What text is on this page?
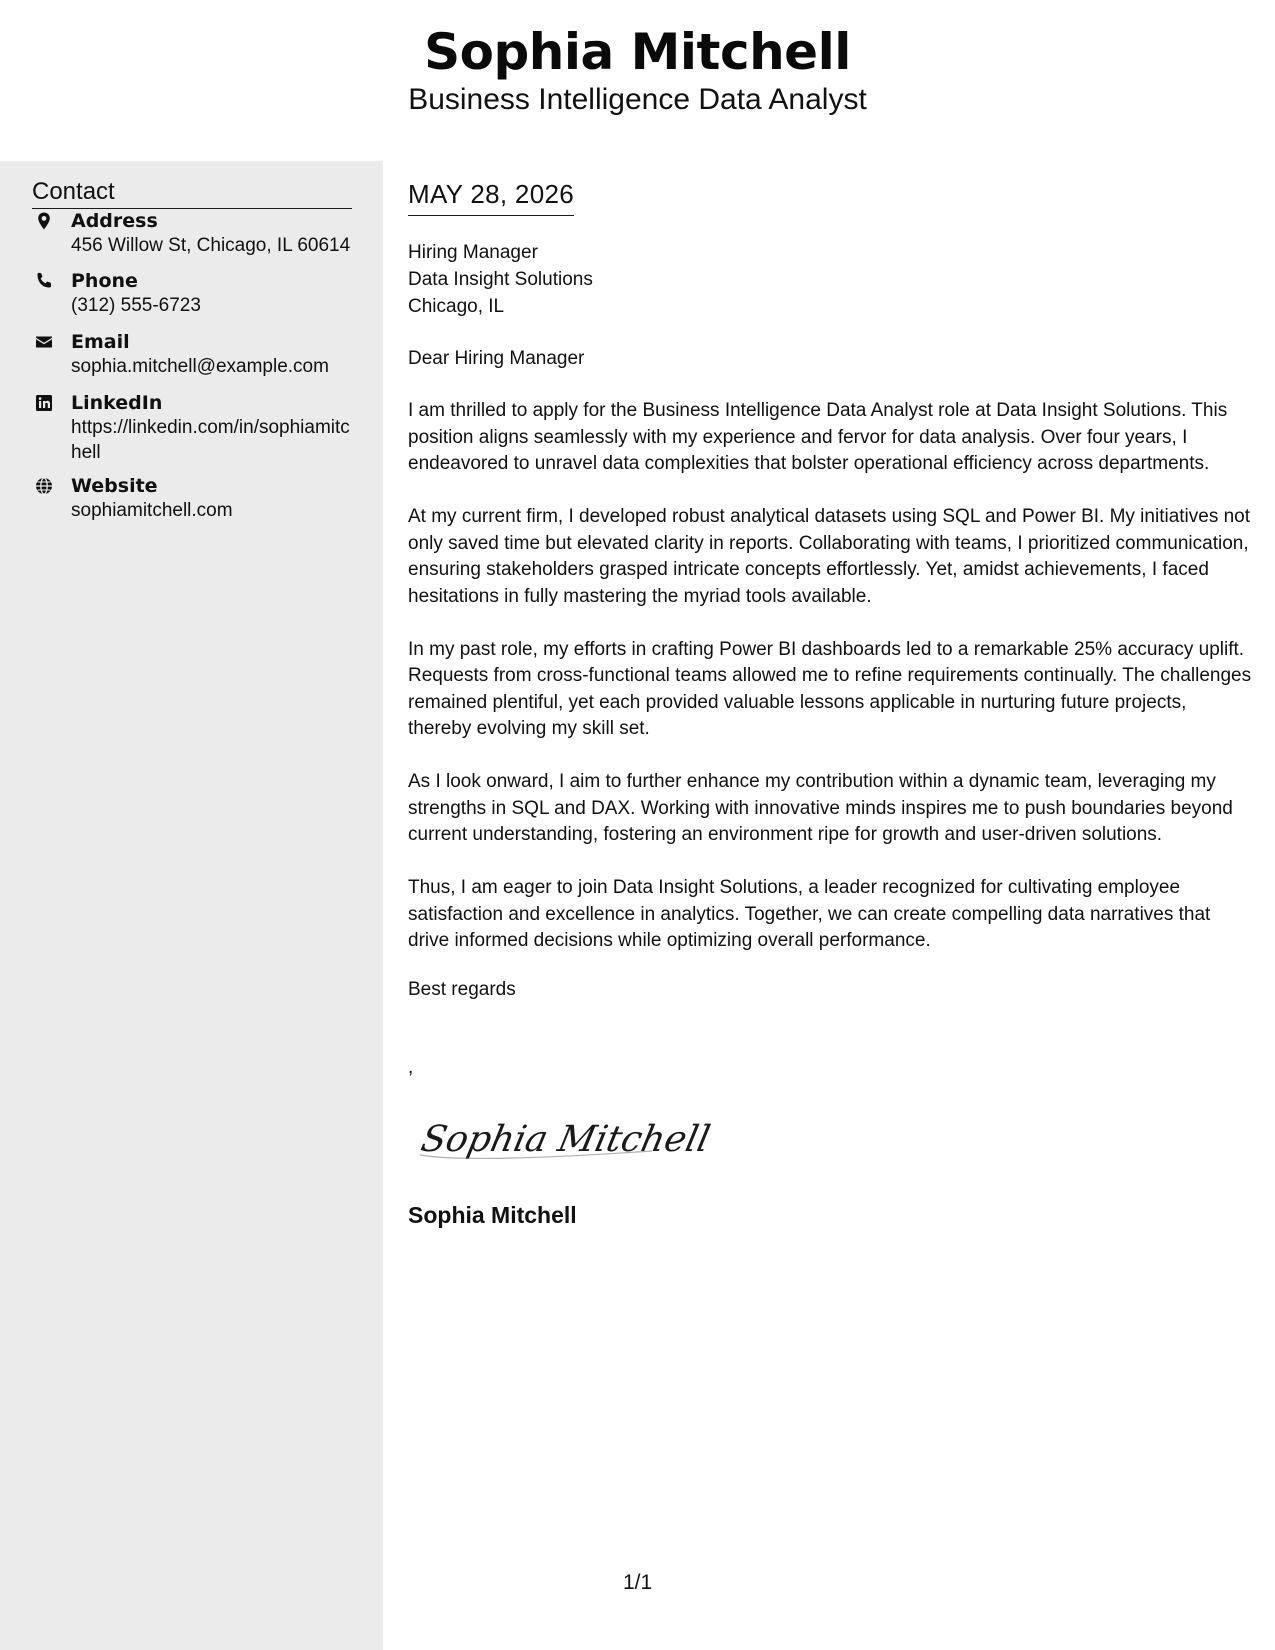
Sophia Mitchell
Business Intelligence Data Analyst
Contact
Address
456 Willow St, Chicago, IL 60614
Phone
(312) 555-6723
Email
sophia.mitchell@example.com
LinkedIn
https://linkedin.com/in/sophiamitchell
Website
sophiamitchell.com
MAY 28, 2026
Hiring Manager
Data Insight Solutions
Chicago, IL
Dear Hiring Manager

I am thrilled to apply for the Business Intelligence Data Analyst role at Data Insight Solutions. This position aligns seamlessly with my experience and fervor for data analysis. Over four years, I endeavored to unravel data complexities that bolster operational efficiency across departments.

At my current firm, I developed robust analytical datasets using SQL and Power BI. My initiatives not only saved time but elevated clarity in reports. Collaborating with teams, I prioritized communication, ensuring stakeholders grasped intricate concepts effortlessly. Yet, amidst achievements, I faced hesitations in fully mastering the myriad tools available.

In my past role, my efforts in crafting Power BI dashboards led to a remarkable 25% accuracy uplift. Requests from cross-functional teams allowed me to refine requirements continually. The challenges remained plentiful, yet each provided valuable lessons applicable in nurturing future projects, thereby evolving my skill set.

As I look onward, I aim to further enhance my contribution within a dynamic team, leveraging my strengths in SQL and DAX. Working with innovative minds inspires me to push boundaries beyond current understanding, fostering an environment ripe for growth and user-driven solutions.

Thus, I am eager to join Data Insight Solutions, a leader recognized for cultivating employee satisfaction and excellence in analytics. Together, we can create compelling data narratives that drive informed decisions while optimizing overall performance.

Best regards
,
Sophia Mitchell
Sophia Mitchell
1/1
